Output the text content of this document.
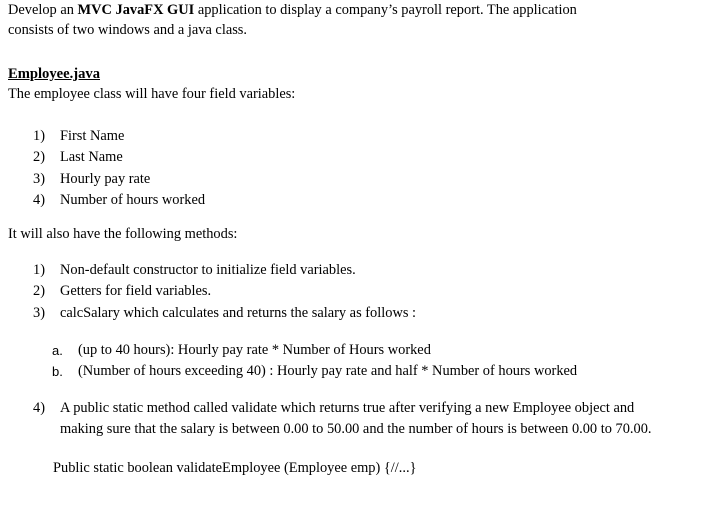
Develop an MVC JavaFX GUI application to display a company’s payroll report. The application

consists of two windows and a java class.

Employee.java

The employee class will have four field variables:

1)	First Name
2)	Last Name
3)	Hourly pay rate
4)	Number of hours worked

It will also have the following methods:

1)	Non-default constructor to initialize field variables.
2)	Getters for field variables.
3)	calcSalary which calculates and returns the salary as follows :
a.	(up to 40 hours): Hourly pay rate * Number of Hours worked
b.	(Number of hours exceeding 40) : Hourly pay rate and half * Number of hours worked
4)	A public static method called validate which returns true after verifying a new Employee object and making sure that the salary is between 0.00 to 50.00 and the number of hours is between 0.00 to 70.00.

Public static boolean validateEmployee (Employee emp) {//...}
